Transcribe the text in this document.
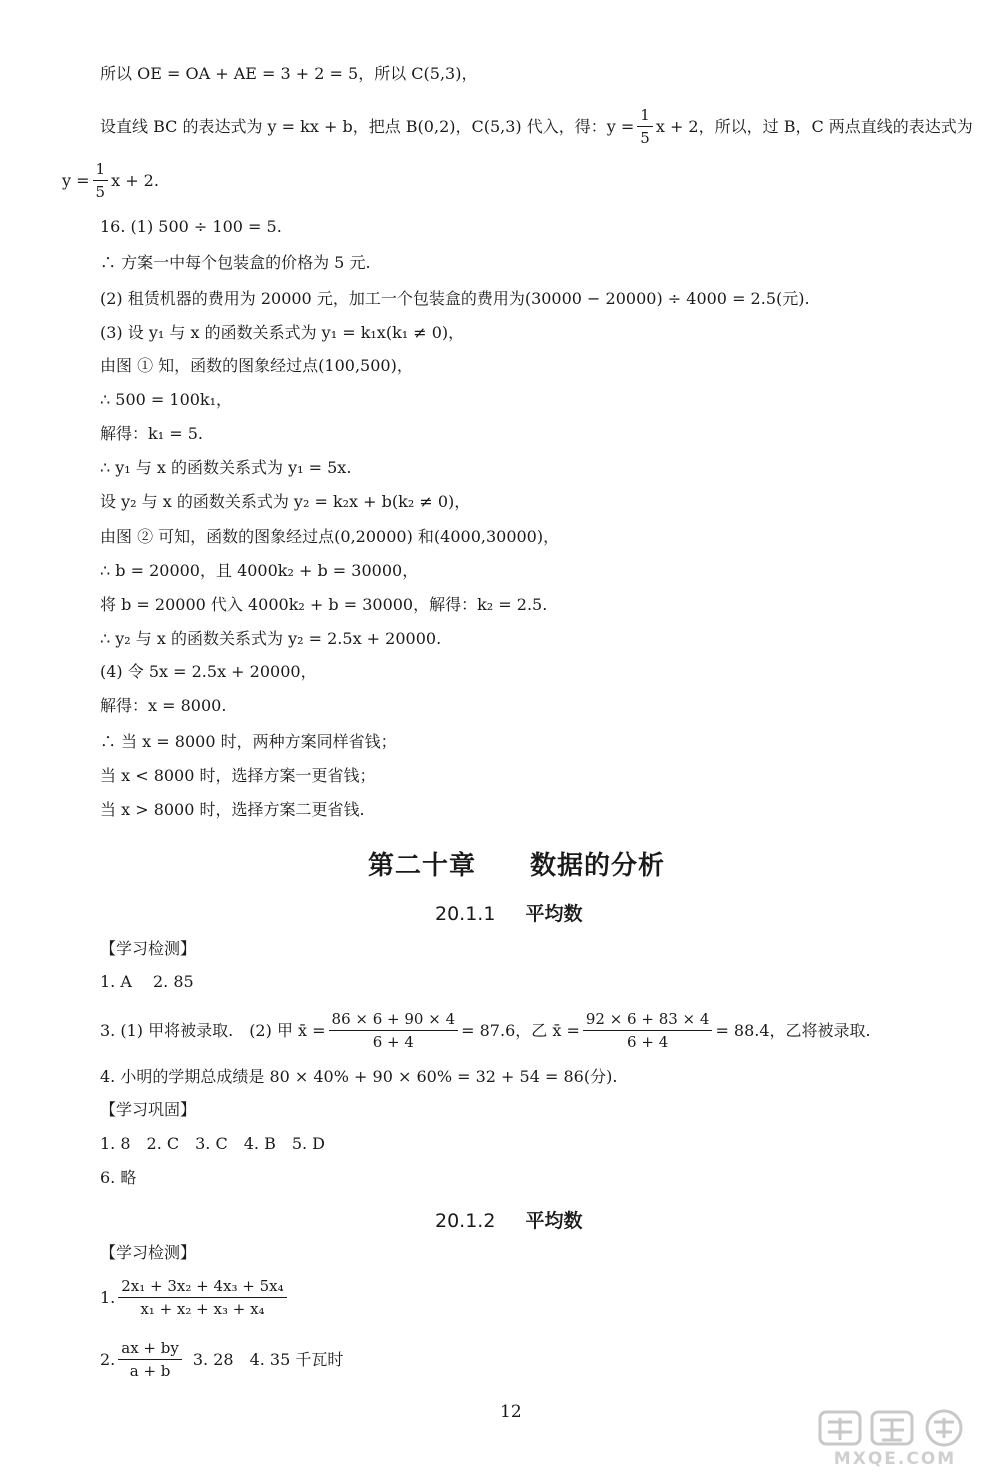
所以 OE = OA + AE = 3 + 2 = 5，所以 C(5,3)，
设直线 BC 的表达式为 y = kx + b，把点 B(0,2)，C(5,3) 代入，得：$y = \frac{1}{5}$ x + 2，所以，过 B，C 两点直线的表达式为
$y = \frac{1}{5}$ x + 2.
16. (1) 500 ÷ 100 = 5.
∴ 方案一中每个包装盒的价格为 5 元.
(2) 租赁机器的费用为 20000 元，加工一个包装盒的费用为(30000 − 20000) ÷ 4000 = 2.5(元).
(3) 设 y₁ 与 x 的函数关系式为 y₁ = k₁x(k₁ ≠ 0)，
由图 ① 知，函数的图象经过点(100,500)，
∴ 500 = 100k₁，
解得：k₁ = 5.
∴ y₁ 与 x 的函数关系式为 y₁ = 5x.
设 y₂ 与 x 的函数关系式为 y₂ = k₂x + b(k₂ ≠ 0)，
由图 ② 可知，函数的图象经过点(0,20000) 和(4000,30000)，
∴ b = 20000，且 4000k₂ + b = 30000，
将 b = 20000 代入 4000k₂ + b = 30000，解得：k₂ = 2.5.
∴ y₂ 与 x 的函数关系式为 y₂ = 2.5x + 20000.
(4) 令 5x = 2.5x + 20000，
解得：x = 8000.
∴ 当 x = 8000 时，两种方案同样省钱；
当 x < 8000 时，选择方案一更省钱；
当 x > 8000 时，选择方案二更省钱.
第二十章　　数据的分析
20.1.1 平均数
【学习检测】
1. A　 2. 85
3. (1) 甲将被录取.　(2) 甲 x̄ = $\frac{86 \times 6 + 90 \times 4}{6 + 4} = 87.6$，乙 x̄ = $\frac{92 \times 6 + 83 \times 4}{6 + 4} = 88.4$，乙将被录取.
4. 小明的学期总成绩是 80 × 40% + 90 × 60% = 32 + 54 = 86(分).
【学习巩固】
1. 8　2. C　3. C　4. B　5. D
6. 略
20.1.2 平均数
【学习检测】
1. $\frac{\text{2x₁ + 3x₂ + 4x₃ + 5x₄}}{\text{x₁ + x₂ + x₃ + x₄}}$
2. $\frac{ax + by}{a + b} 3$. 28　4. 35 千瓦时
12
MXQE.COM
